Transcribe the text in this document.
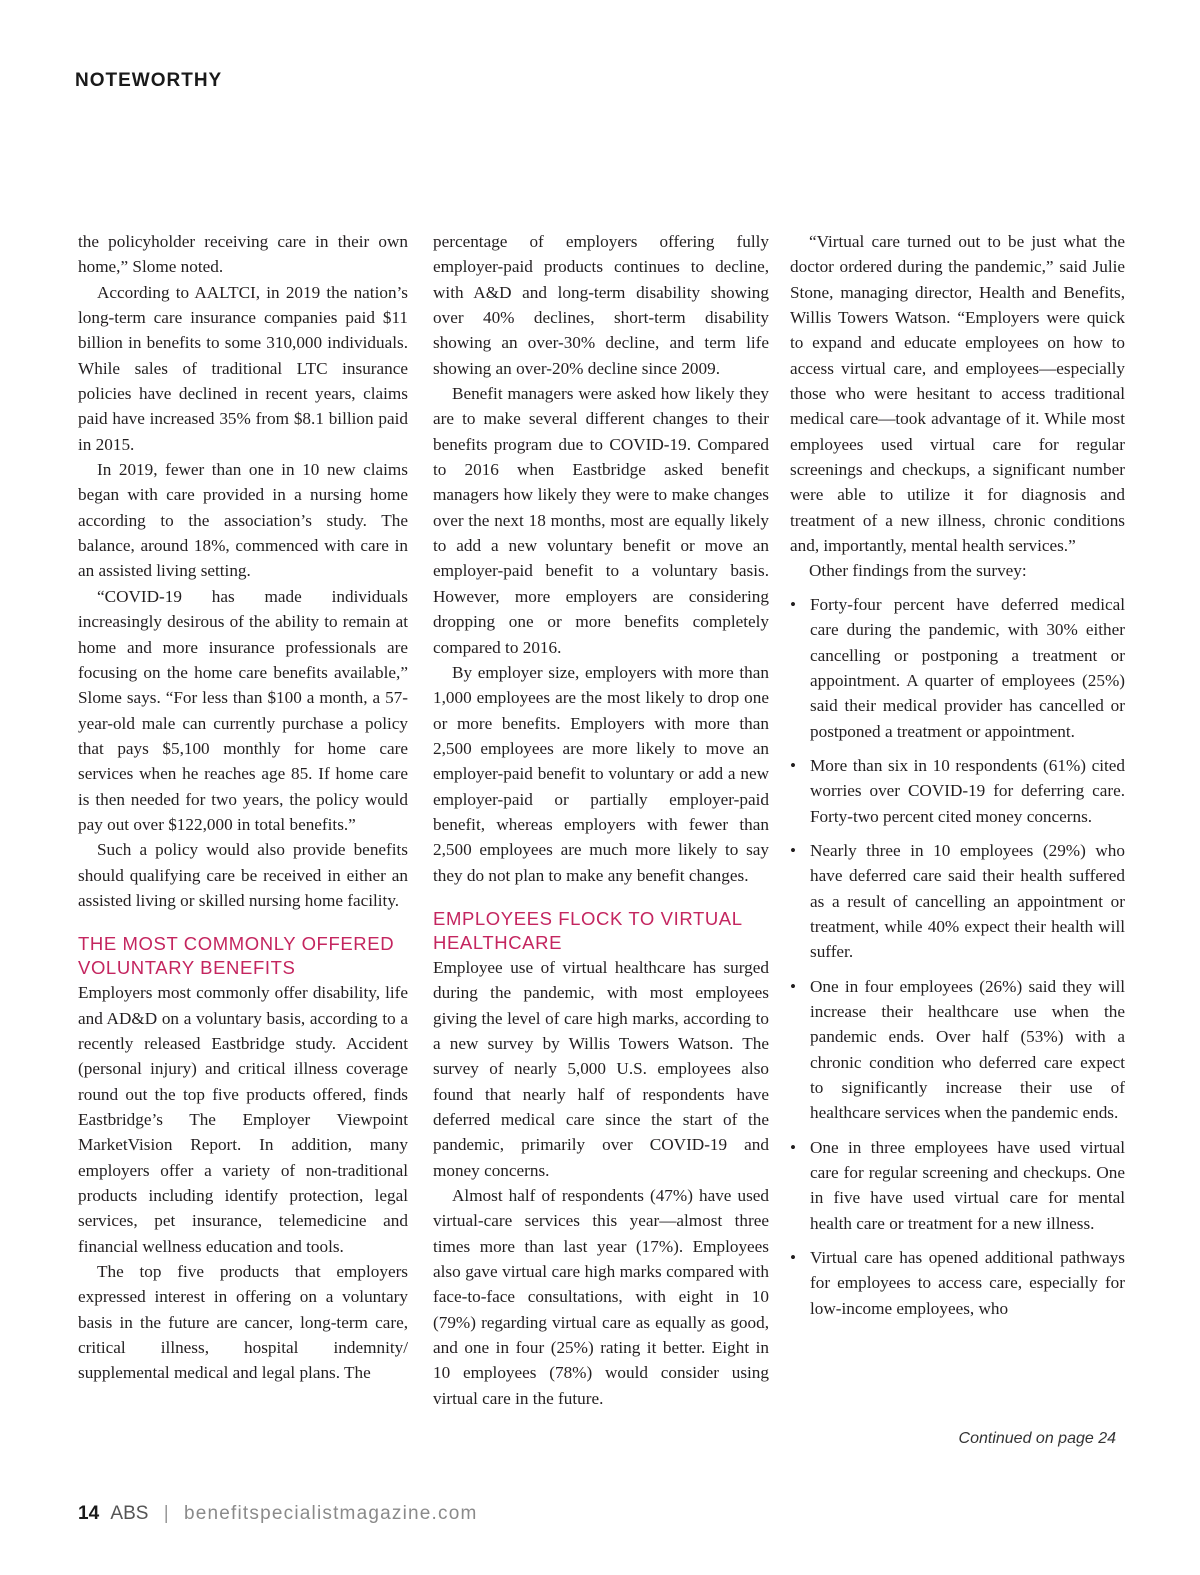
NOTEWORTHY

the policyholder receiving care in their own home,” Slome noted.

According to AALTCI, in 2019 the nation’s long-term care insurance companies paid $11 billion in benefits to some 310,000 individuals. While sales of traditional LTC insurance policies have declined in recent years, claims paid have increased 35% from $8.1 billion paid in 2015.

In 2019, fewer than one in 10 new claims began with care provided in a nursing home according to the association’s study. The balance, around 18%, commenced with care in an assisted living setting.

“COVID-19 has made individuals increasingly desirous of the ability to remain at home and more insurance professionals are focusing on the home care benefits available,” Slome says. “For less than $100 a month, a 57-year-old male can currently purchase a policy that pays $5,100 monthly for home care services when he reaches age 85. If home care is then needed for two years, the policy would pay out over $122,000 in total benefits.”

Such a policy would also provide benefits should qualifying care be received in either an assisted living or skilled nursing home facility.

THE MOST COMMONLY OFFERED VOLUNTARY BENEFITS

Employers most commonly offer disability, life and AD&D on a voluntary basis, according to a recently released Eastbridge study. Accident (personal injury) and critical illness coverage round out the top five products offered, finds Eastbridge’s The Employer Viewpoint MarketVision Report. In addition, many employers offer a variety of non-traditional products including identify protection, legal services, pet insurance, telemedicine and financial wellness education and tools.

The top five products that employers expressed interest in offering on a voluntary basis in the future are cancer, long-term care, critical illness, hospital indemnity/ supplemental medical and legal plans. The

percentage of employers offering fully employer-paid products continues to decline, with A&D and long-term disability showing over 40% declines, short-term disability showing an over-30% decline, and term life showing an over-20% decline since 2009.

Benefit managers were asked how likely they are to make several different changes to their benefits program due to COVID-19. Compared to 2016 when Eastbridge asked benefit managers how likely they were to make changes over the next 18 months, most are equally likely to add a new voluntary benefit or move an employer-paid benefit to a voluntary basis. However, more employers are considering dropping one or more benefits completely compared to 2016.

By employer size, employers with more than 1,000 employees are the most likely to drop one or more benefits. Employers with more than 2,500 employees are more likely to move an employer-paid benefit to voluntary or add a new employer-paid or partially employer-paid benefit, whereas employers with fewer than 2,500 employees are much more likely to say they do not plan to make any benefit changes.

EMPLOYEES FLOCK TO VIRTUAL HEALTHCARE

Employee use of virtual healthcare has surged during the pandemic, with most employees giving the level of care high marks, according to a new survey by Willis Towers Watson. The survey of nearly 5,000 U.S. employees also found that nearly half of respondents have deferred medical care since the start of the pandemic, primarily over COVID-19 and money concerns.

Almost half of respondents (47%) have used virtual-care services this year—almost three times more than last year (17%). Employees also gave virtual care high marks compared with face-to-face consultations, with eight in 10 (79%) regarding virtual care as equally as good, and one in four (25%) rating it better. Eight in 10 employees (78%) would consider using virtual care in the future.

“Virtual care turned out to be just what the doctor ordered during the pandemic,” said Julie Stone, managing director, Health and Benefits, Willis Towers Watson. “Employers were quick to expand and educate employees on how to access virtual care, and employees—especially those who were hesitant to access traditional medical care—took advantage of it. While most employees used virtual care for regular screenings and checkups, a significant number were able to utilize it for diagnosis and treatment of a new illness, chronic conditions and, importantly, mental health services.”

Other findings from the survey:

• Forty-four percent have deferred medical care during the pandemic, with 30% either cancelling or postponing a treatment or appointment. A quarter of employees (25%) said their medical provider has cancelled or postponed a treatment or appointment.
• More than six in 10 respondents (61%) cited worries over COVID-19 for deferring care. Forty-two percent cited money concerns.
• Nearly three in 10 employees (29%) who have deferred care said their health suffered as a result of cancelling an appointment or treatment, while 40% expect their health will suffer.
• One in four employees (26%) said they will increase their healthcare use when the pandemic ends. Over half (53%) with a chronic condition who deferred care expect to significantly increase their use of healthcare services when the pandemic ends.
• One in three employees have used virtual care for regular screening and checkups. One in five have used virtual care for mental health care or treatment for a new illness.
• Virtual care has opened additional pathways for employees to access care, especially for low-income employees, who
Continued on page 24
14 ABS | benefitspecialistmagazine.com
